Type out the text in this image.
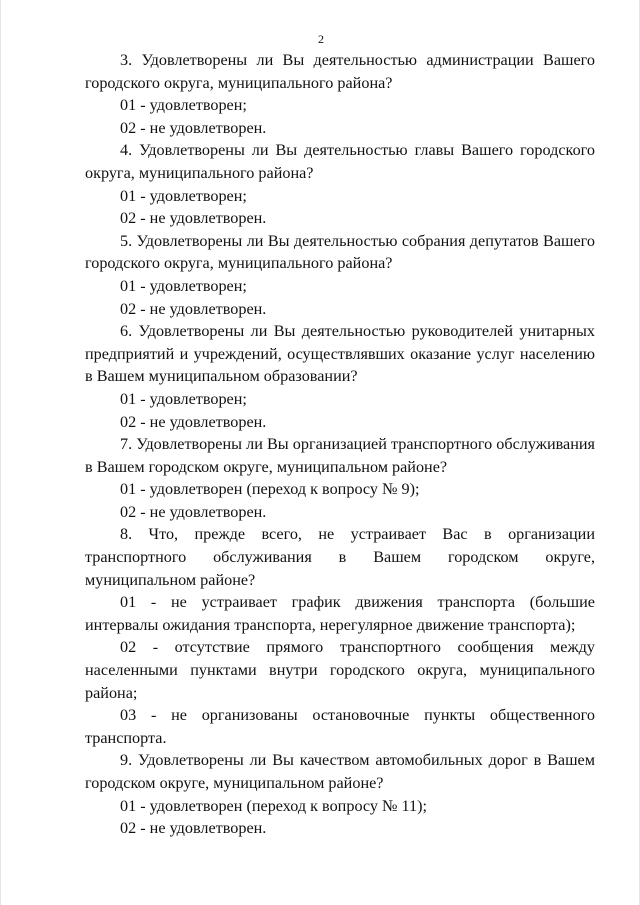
2

3. Удовлетворены ли Вы деятельностью администрации Вашего городского округа, муниципального района?

01 - удовлетворен;

02 - не удовлетворен.

4. Удовлетворены ли Вы деятельностью главы Вашего городского округа, муниципального района?

01 - удовлетворен;

02 - не удовлетворен.

5. Удовлетворены ли Вы деятельностью собрания депутатов Вашего городского округа, муниципального района?

01 - удовлетворен;

02 - не удовлетворен.

6. Удовлетворены ли Вы деятельностью руководителей унитарных предприятий и учреждений, осуществлявших оказание услуг населению в Вашем муниципальном образовании?

01 - удовлетворен;

02 - не удовлетворен.

7. Удовлетворены ли Вы организацией транспортного обслуживания в Вашем городском округе, муниципальном районе?

01 - удовлетворен (переход к вопросу № 9);

02 - не удовлетворен.

8. Что, прежде всего, не устраивает Вас в организации транспортного обслуживания в Вашем городском округе, муниципальном районе?

01 - не устраивает график движения транспорта (большие интервалы ожидания транспорта, нерегулярное движение транспорта);

02 - отсутствие прямого транспортного сообщения между населенными пунктами внутри городского округа, муниципального района;

03 - не организованы остановочные пункты общественного транспорта.

9. Удовлетворены ли Вы качеством автомобильных дорог в Вашем городском округе, муниципальном районе?

01 - удовлетворен (переход к вопросу № 11);

02 - не удовлетворен.
